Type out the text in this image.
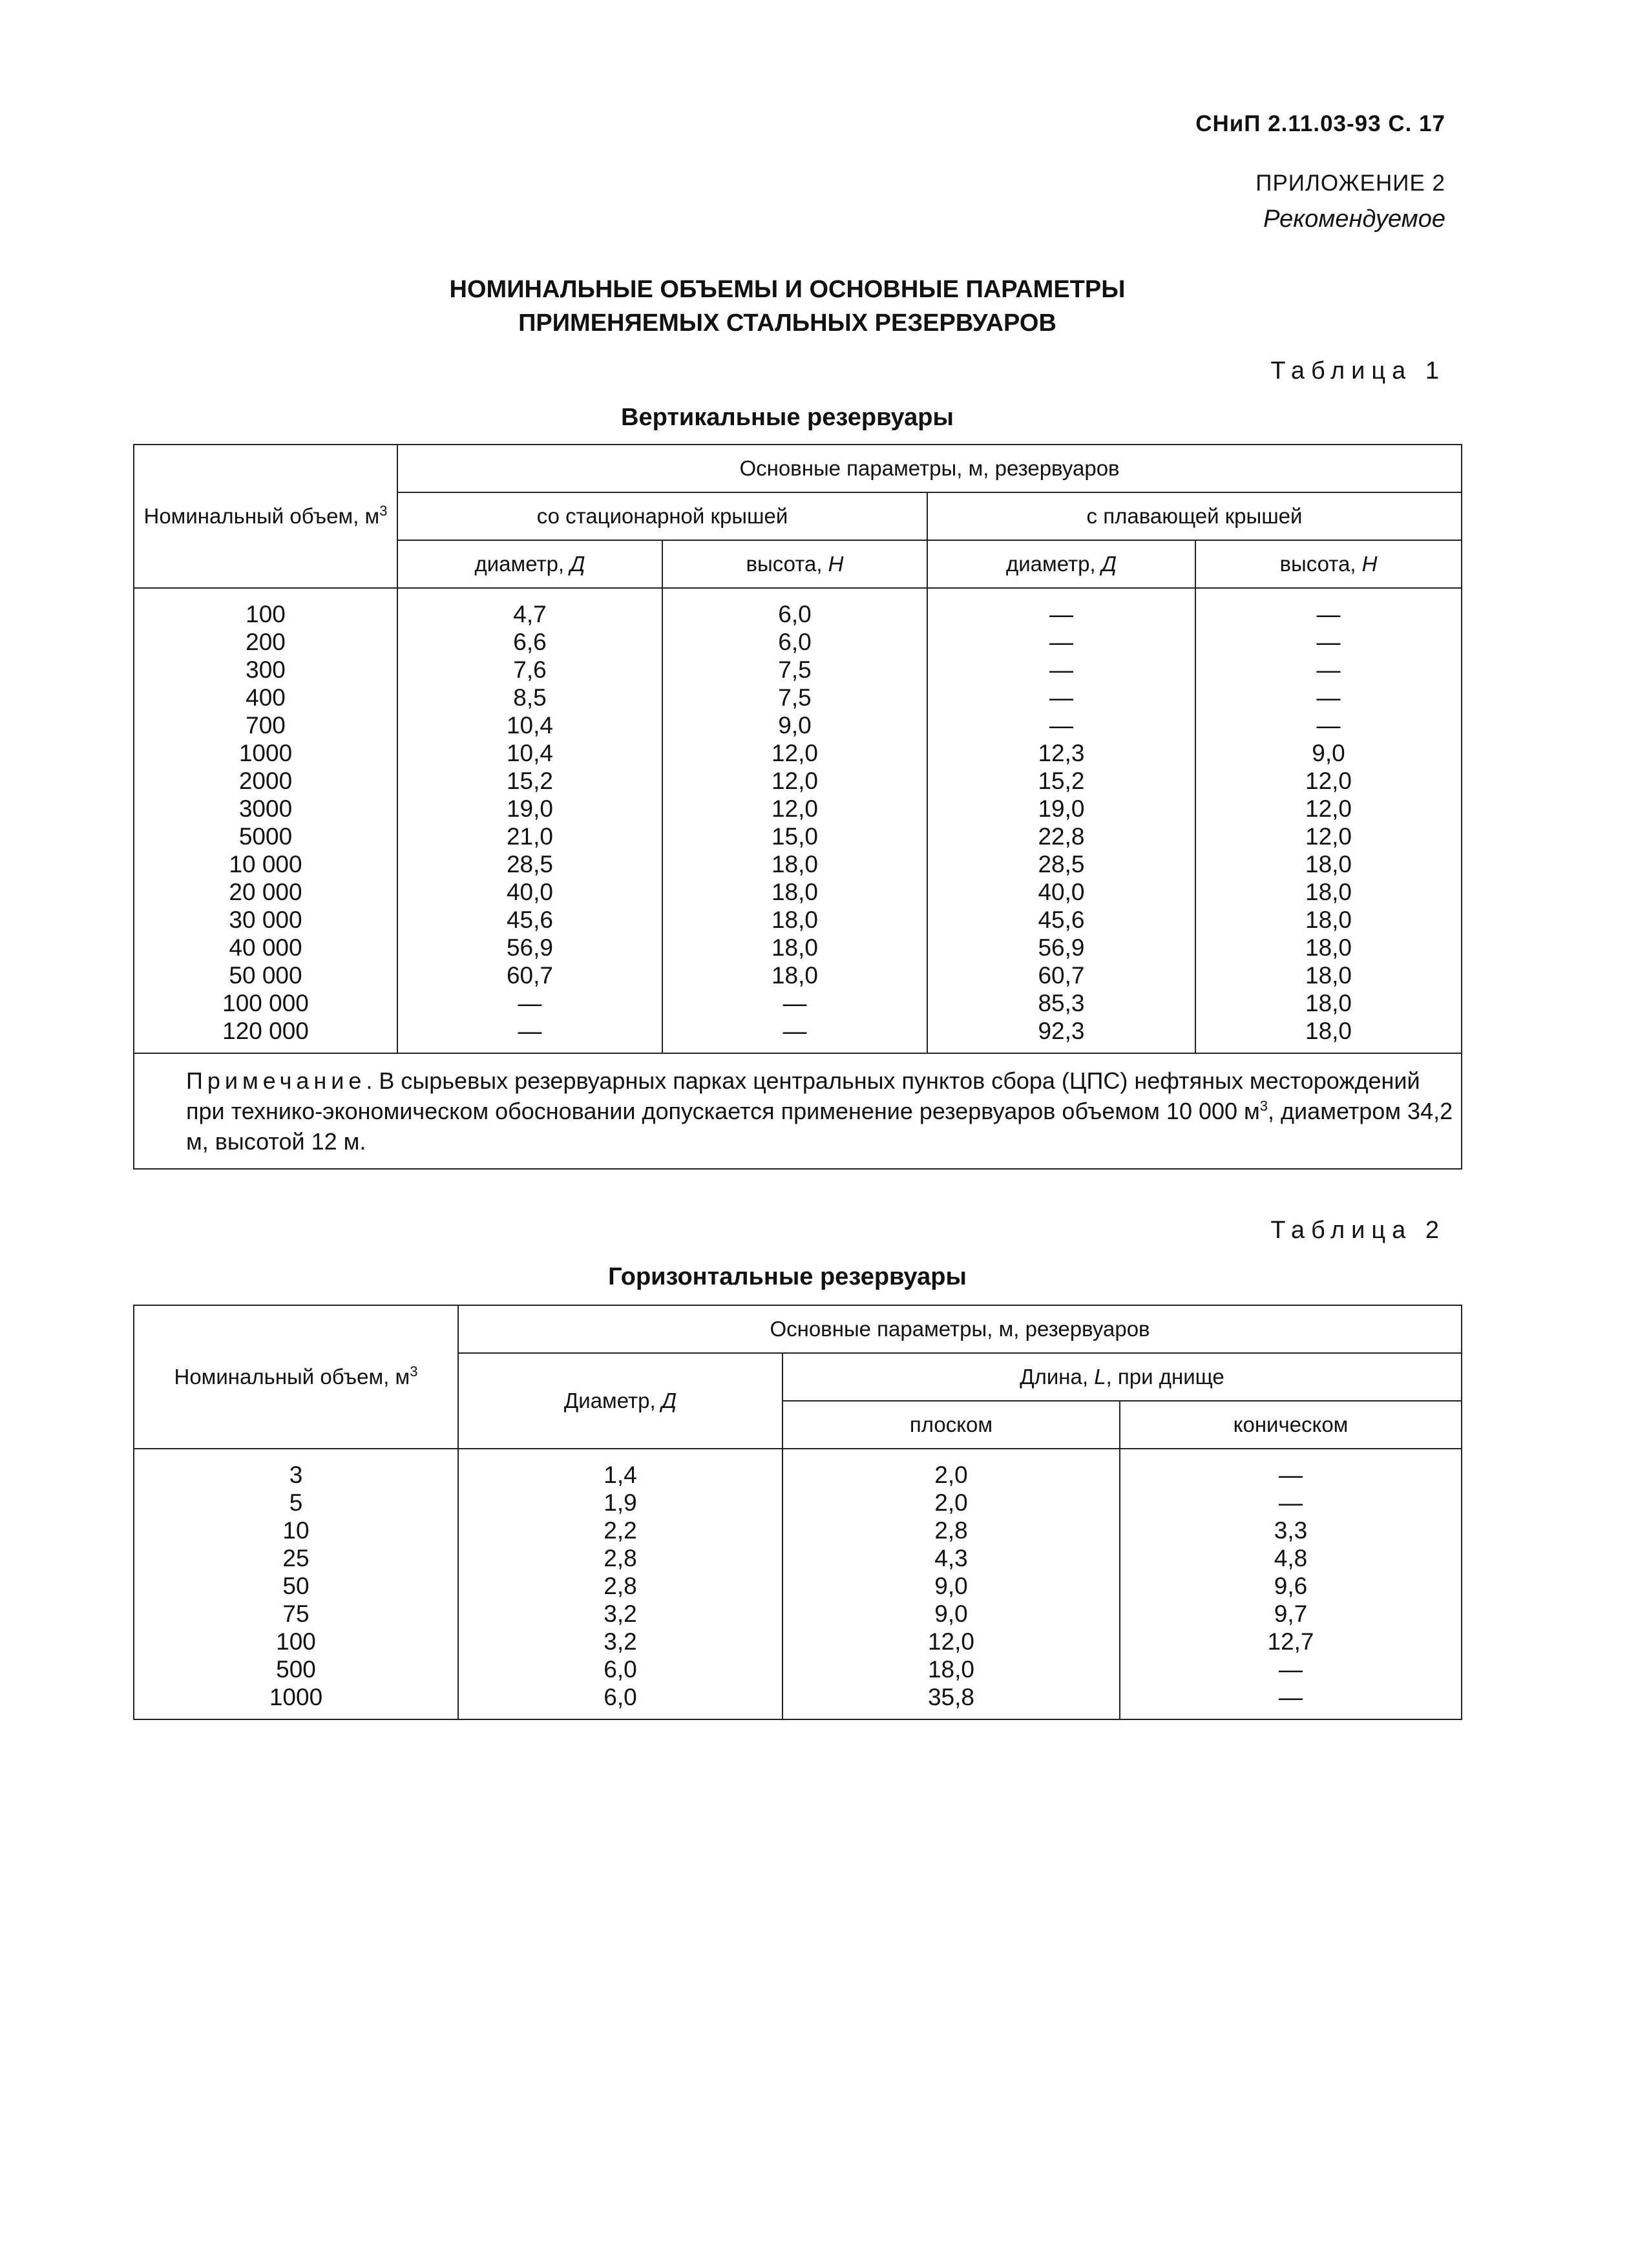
СНиП 2.11.03-93 С. 17
ПРИЛОЖЕНИЕ 2
Рекомендуемое
НОМИНАЛЬНЫЕ ОБЪЕМЫ И ОСНОВНЫЕ ПАРАМЕТРЫ
ПРИМЕНЯЕМЫХ СТАЛЬНЫХ РЕЗЕРВУАРОВ
Таблица 1
Вертикальные резервуары
Номинальный объем, $м^3$	Основные параметры, м, резервуаров			
	со стационарной крышей		с плавающей крышей	
	диаметр, Д	высота, Н	диаметр, Д	высота, Н
100	4,7	6,0	—	—
200	6,6	6,0	—	—
300	7,6	7,5	—	—
400	8,5	7,5	—	—
700	10,4	9,0	—	—
1000	10,4	12,0	12,3	9,0
2000	15,2	12,0	15,2	12,0
3000	19,0	12,0	19,0	12,0
5000	21,0	15,0	22,8	12,0
10 000	28,5	18,0	28,5	18,0
20 000	40,0	18,0	40,0	18,0
30 000	45,6	18,0	45,6	18,0
40 000	56,9	18,0	56,9	18,0
50 000	60,7	18,0	60,7	18,0
100 000	—	—	85,3	18,0
120 000	—	—	92,3	18,0
Примечание. В сырьевых резервуарных парках центральных пунктов сбора (ЦПС) нефтяных месторождений при технико-экономическом обосновании допускается применение резервуаров объемом 10 000 $м^3$, диаметром 34,2 м, высотой 12 м.				
Таблица 2
Горизонтальные резервуары
Номинальный объем, $м^3$	Основные параметры, м, резервуаров		
	Диаметр, Д	Длина, L, при днище	
		плоском	коническом
3	1,4	2,0	—
5	1,9	2,0	—
10	2,2	2,8	3,3
25	2,8	4,3	4,8
50	2,8	9,0	9,6
75	3,2	9,0	9,7
100	3,2	12,0	12,7
500	6,0	18,0	—
1000	6,0	35,8	—
